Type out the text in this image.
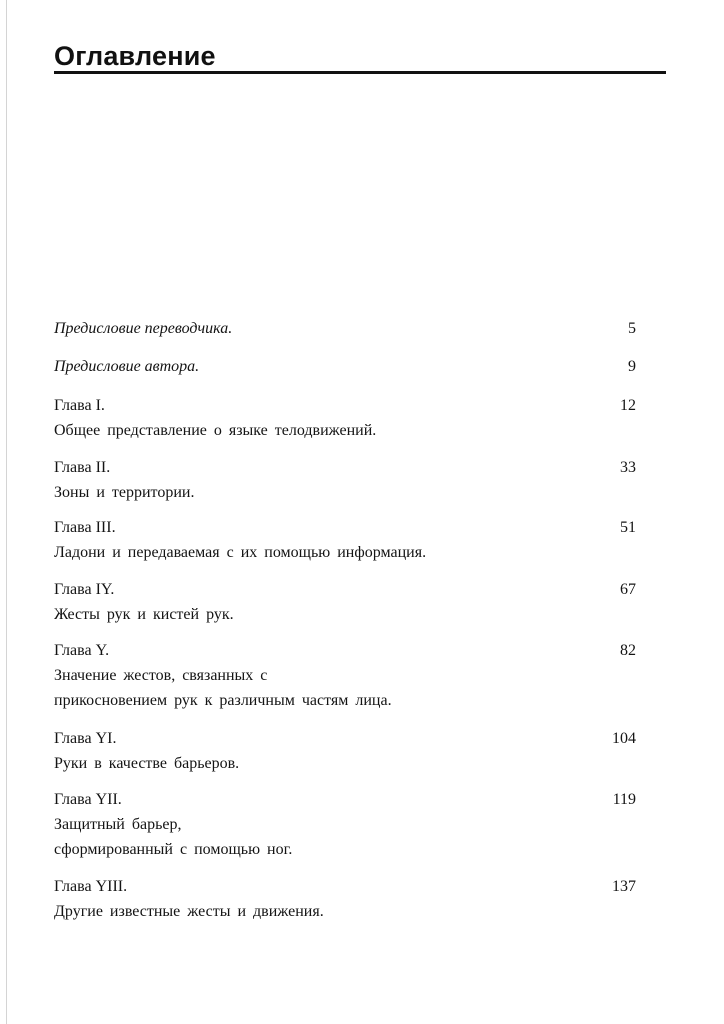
Оглавление
Предисловие переводчика.	5
Предисловие автора.	9
Глава I.	12
Общее представление о языке телодвижений.
Глава II.	33
Зоны и территории.
Глава III.	51
Ладони и передаваемая с их помощью информация.
Глава IY.	67
Жесты рук и кистей рук.
Глава Y.	82
Значение жестов, связанных с
прикосновением рук к различным частям лица.
Глава YI.	104
Руки в качестве барьеров.
Глава YII.	119
Защитный барьер,
сформированный с помощью ног.
Глава YIII.	137
Другие известные жесты и движения.
